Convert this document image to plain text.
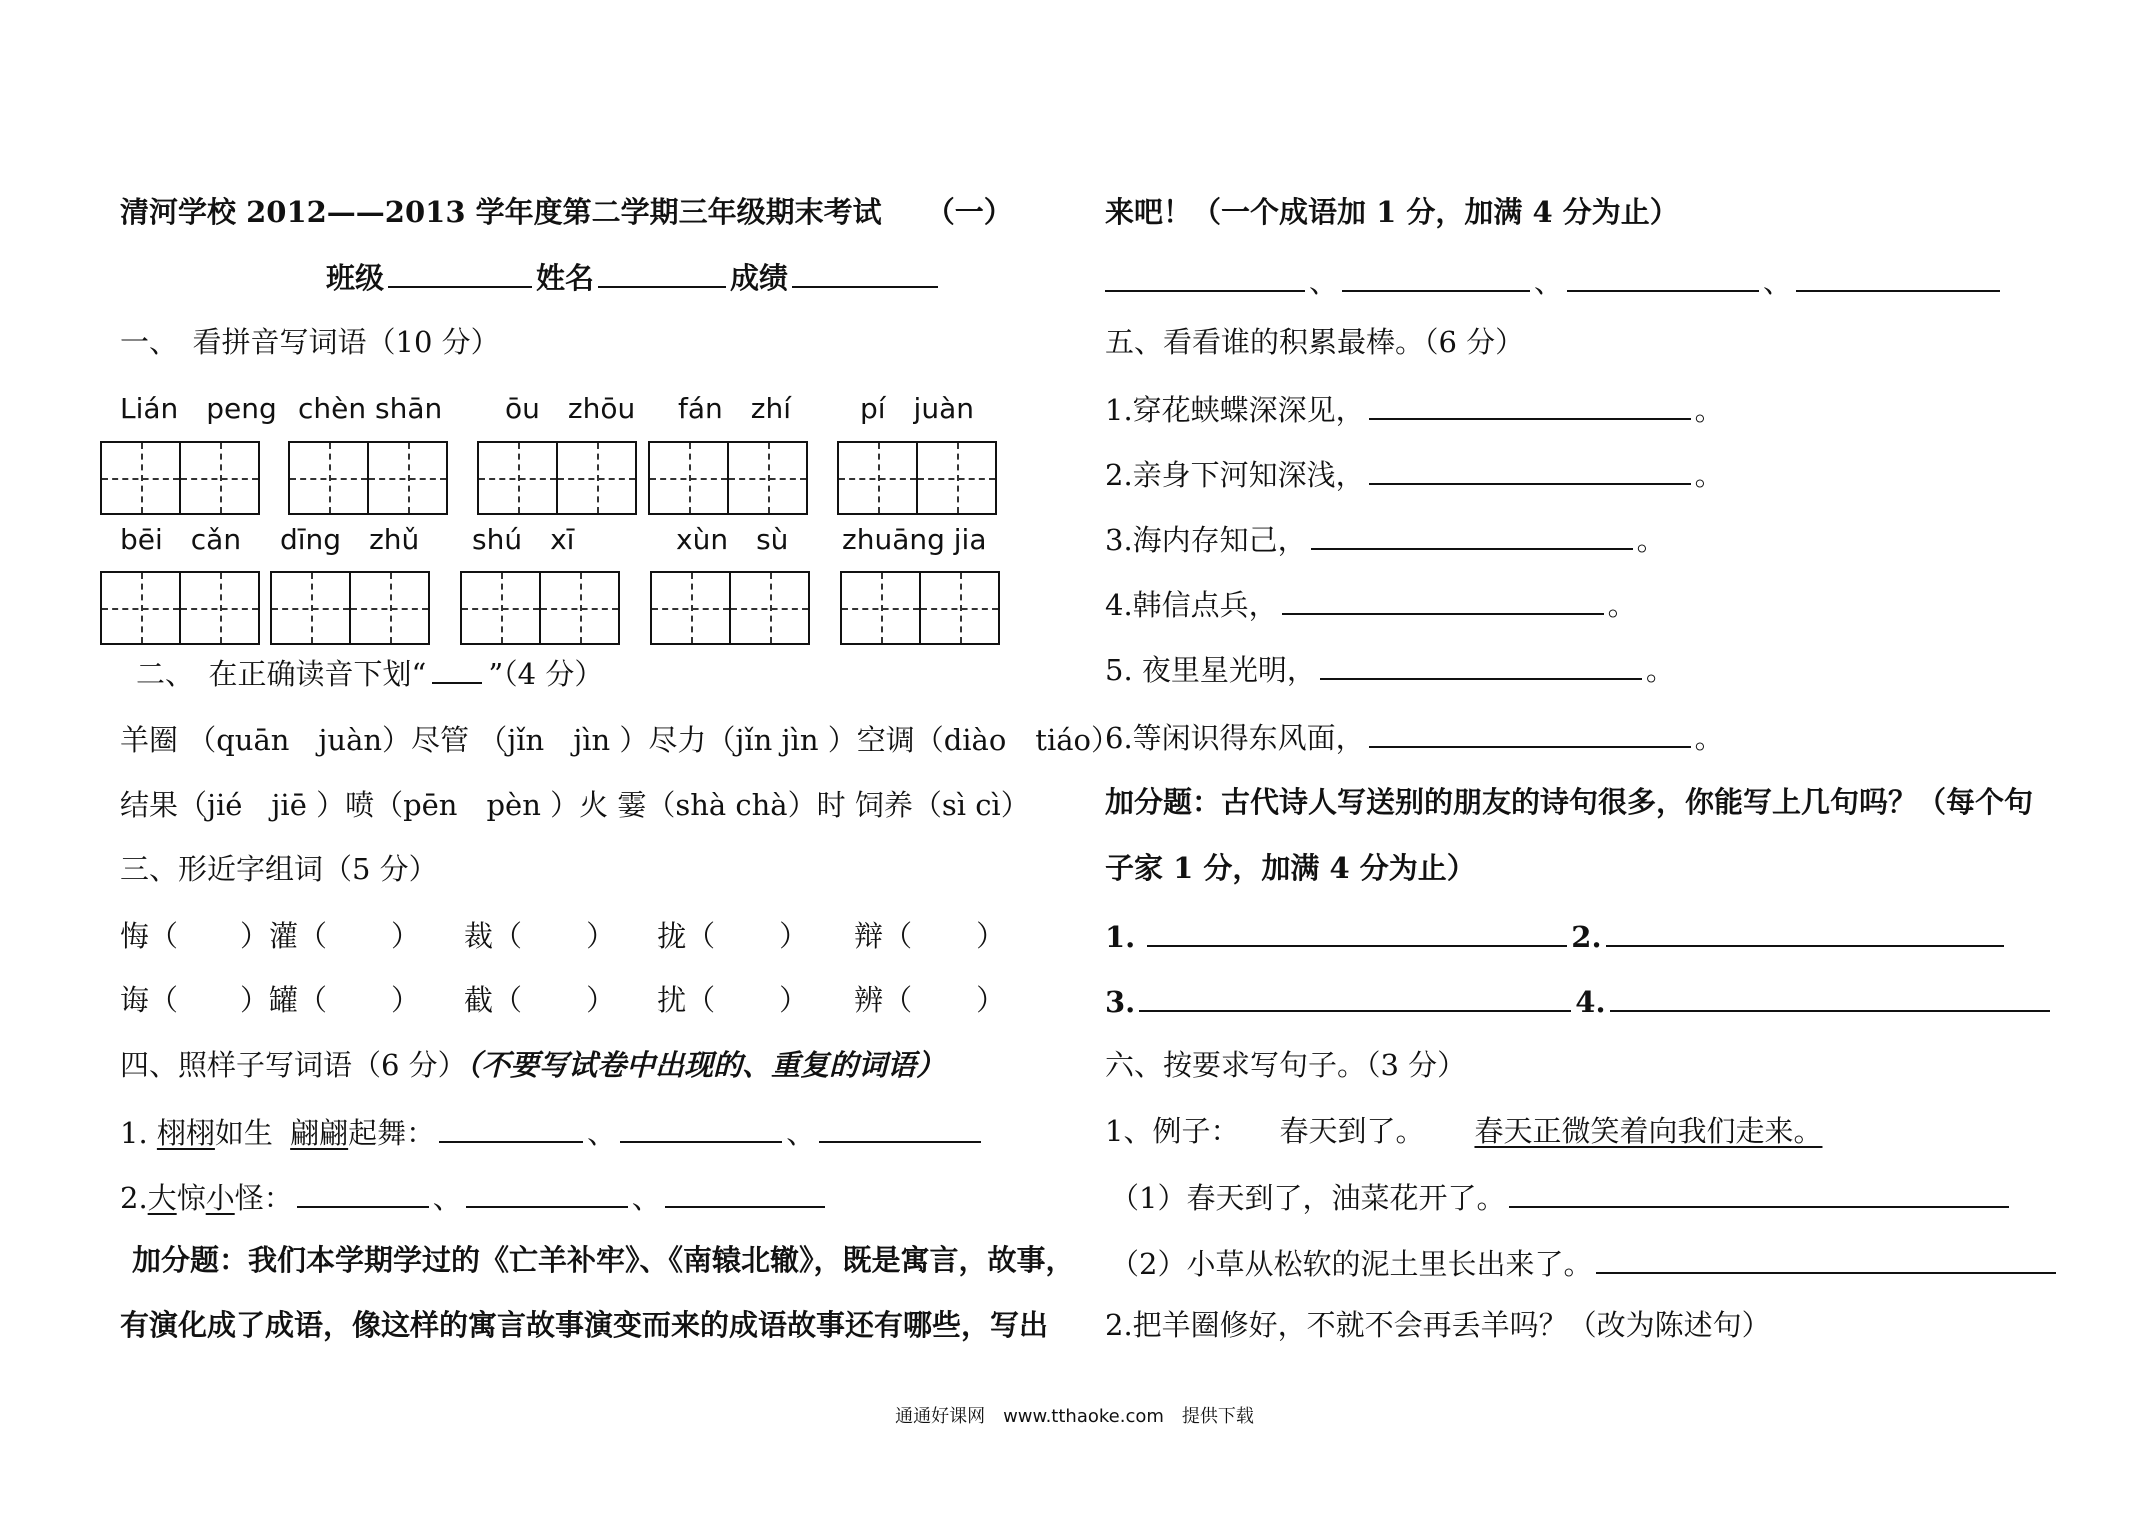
清河学校 2012——2013 学年度第二学期三年级期末考试 （一）
班级	姓名	成绩
一、　看拼音写词语（10 分）
Lián　peng chèn shān ōu　zhōu fán　zhí pí　juàn
bēi　cǎn dīng　zhǔ shú　xī	xùn　sù zhuāng jia
二、　在正确读音下划“ ”（4 分）
羊圈 （quān　juàn）尽管 （jǐn　jìn ）尽力（jǐn jìn ）空调（diào　tiáo）
结果（jié　jiē ）喷（pēn　pèn ）火 霎（shà chà）时 饲养（sì cì）
三、形近字组词（5 分）
悔（ ）灌（ ） 裁（ ） 拢（ ） 辩（ ）
诲（ ）罐（ ） 截（ ） 扰（ ） 辨（ ）
四、照样子写词语（6 分）（不要写试卷中出现的、重复的词语）
1. 栩栩如生 翩翩起舞：	、	、
2.大惊小怪：	、	、
加分题：我们本学期学过的《亡羊补牢》、《南辕北辙》，既是寓言，故事，
有演化成了成语，像这样的寓言故事演变而来的成语故事还有哪些，写出
来吧！（一个成语加 1 分，加满 4 分为止）
、	、	、
五、看看谁的积累最棒。（6 分）
1.穿花蛱蝶深深见，	。
2.亲身下河知深浅，	。
3.海内存知己，	。
4.韩信点兵，	。
5. 夜里星光明，	。
6.等闲识得东风面，	。
加分题：古代诗人写送别的朋友的诗句很多，你能写上几句吗？（每个句
子家 1 分，加满 4 分为止）
1.	2.
3.	4.
六、按要求写句子。（3 分）
1、例子： 春天到了。 春天正微笑着向我们走来。
（1）春天到了，油菜花开了。
（2）小草从松软的泥土里长出来了。
2.把羊圈修好，不就不会再丢羊吗？（改为陈述句）
通通好课网　www.tthaoke.com　提供下载
